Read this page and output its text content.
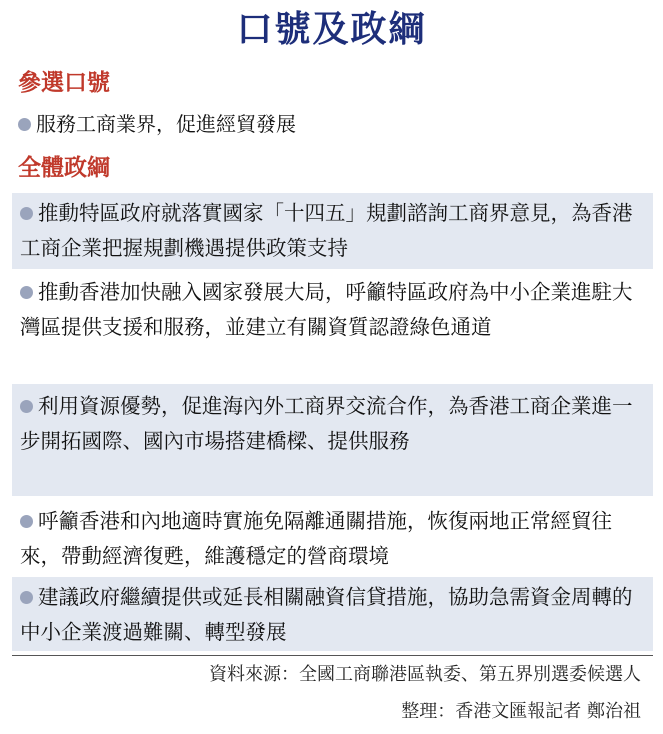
口號及政綱
參選口號
服務工商業界，促進經貿發展
全體政綱
推動特區政府就落實國家「十四五」規劃諮詢工商界意見，為香港工商企業把握規劃機遇提供政策支持
推動香港加快融入國家發展大局，呼籲特區政府為中小企業進駐大灣區提供支援和服務，並建立有關資質認證綠色通道
利用資源優勢，促進海內外工商界交流合作，為香港工商企業進一步開拓國際、國內市場搭建橋樑、提供服務
呼籲香港和內地適時實施免隔離通關措施，恢復兩地正常經貿往來，帶動經濟復甦，維護穩定的營商環境
建議政府繼續提供或延長相關融資信貸措施，協助急需資金周轉的中小企業渡過難關、轉型發展
資料來源：全國工商聯港區執委、第五界別選委候選人
整理：香港文匯報記者 鄭治祖
